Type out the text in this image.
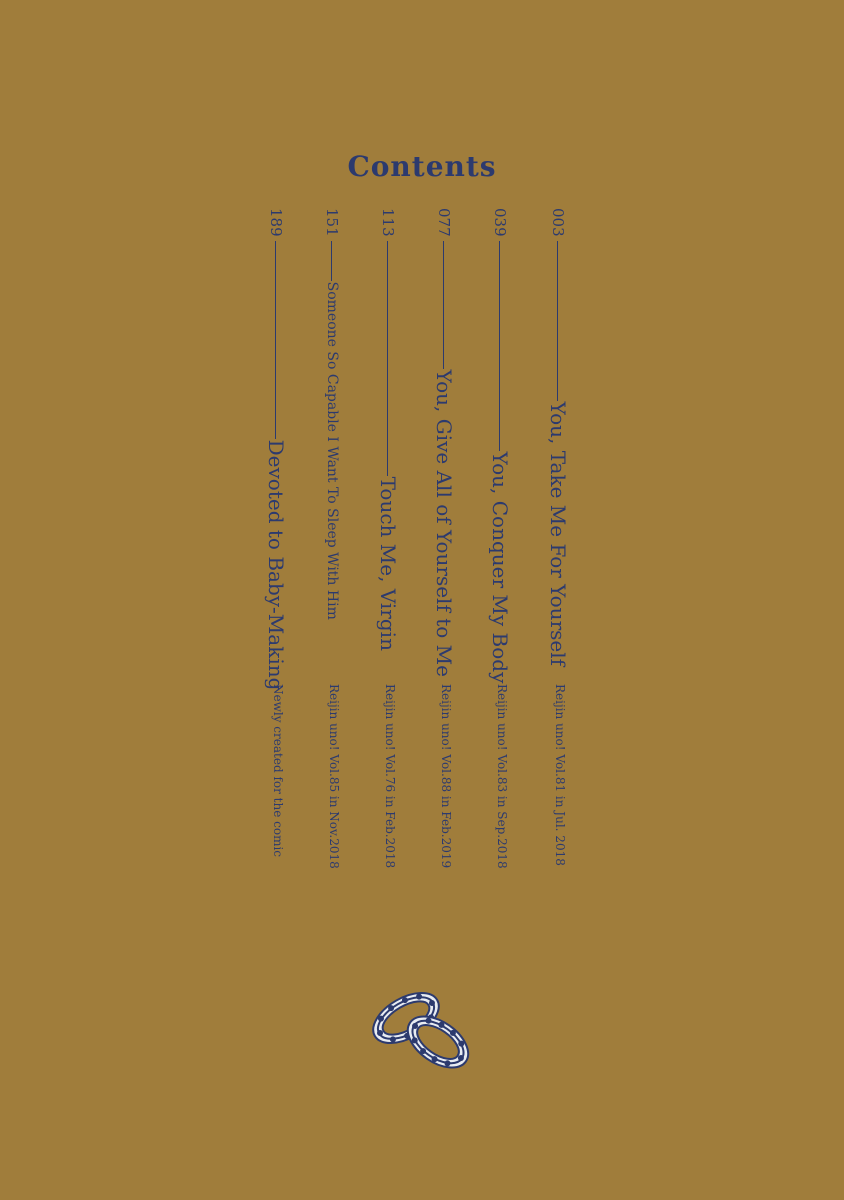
Contents
003
You, Take Me For Yourself
Reijin uno! Vol.81 in Jul. 2018
039
You, Conquer My Body
Reijin uno! Vol.83 in Sep.2018
077
You, Give All of Yourself to Me
Reijin uno! Vol.88 in Feb.2019
113
Touch Me, Virgin
Reijin uno! Vol.76 in Feb.2018
151
Someone So Capable I Want To Sleep With Him
Reijin uno! Vol.85 in Nov.2018
189
Devoted to Baby-Making
Newly created for the comic
